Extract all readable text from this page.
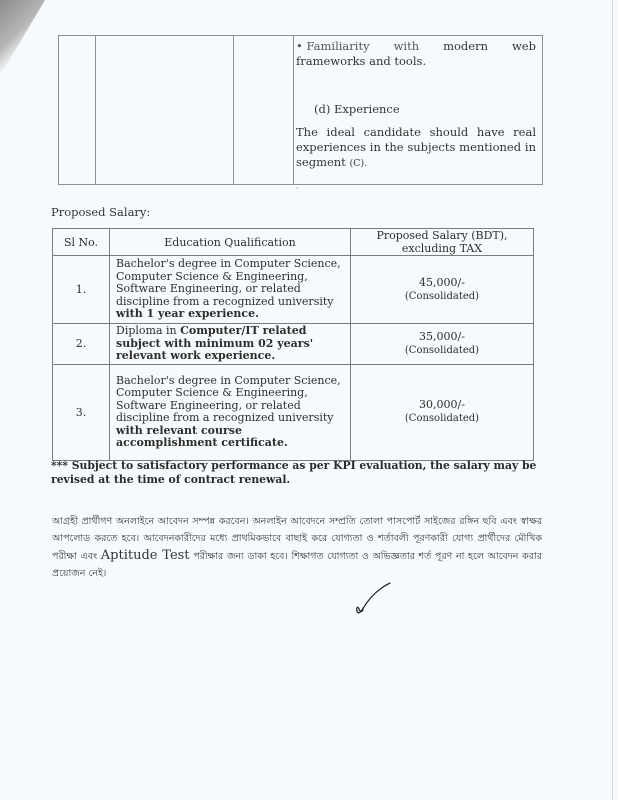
• Familiarity with modern web
frameworks and tools.
(d) Experience
The ideal candidate should have real experiences in the subjects mentioned in segment (C).
·
Proposed Salary:
Sl No.	Education Qualification	Proposed Salary (BDT),
excluding TAX

1.	Bachelor's degree in Computer Science, Computer Science & Engineering, Software Engineering, or related discipline from a recognized university with 1 year experience.	45,000/-
(Consolidated)

2.	Diploma in Computer/IT related subject with minimum 02 years' relevant work experience.	35,000/-
(Consolidated)

3.	Bachelor's degree in Computer Science, Computer Science & Engineering, Software Engineering, or related discipline from a recognized university with relevant course accomplishment certificate.	30,000/-
(Consolidated)
*** Subject to satisfactory performance as per KPI evaluation, the salary may be revised at the time of contract renewal.
আগ্রহী প্রার্থীগণ অনলাইনে আবেদন সম্পন্ন করবেন। অনলাইন আবেদনে সম্প্রতি তোলা পাসপোর্ট সাইজের রঙ্গিন ছবি এবং স্বাক্ষর আপলোড করতে হবে। আবেদনকারীদের মধ্যে প্রাথমিকভাবে বাছাই করে যোগ্যতা ও শর্তাবলী পূরণকারী যোগ্য প্রার্থীদের মৌখিক পরীক্ষা এবং Aptitude Test পরীক্ষার জন্য ডাকা হবে। শিক্ষাগত যোগ্যতা ও অভিজ্ঞতার শর্ত পূরণ না হলে আবেদন করার প্রয়োজন নেই।
